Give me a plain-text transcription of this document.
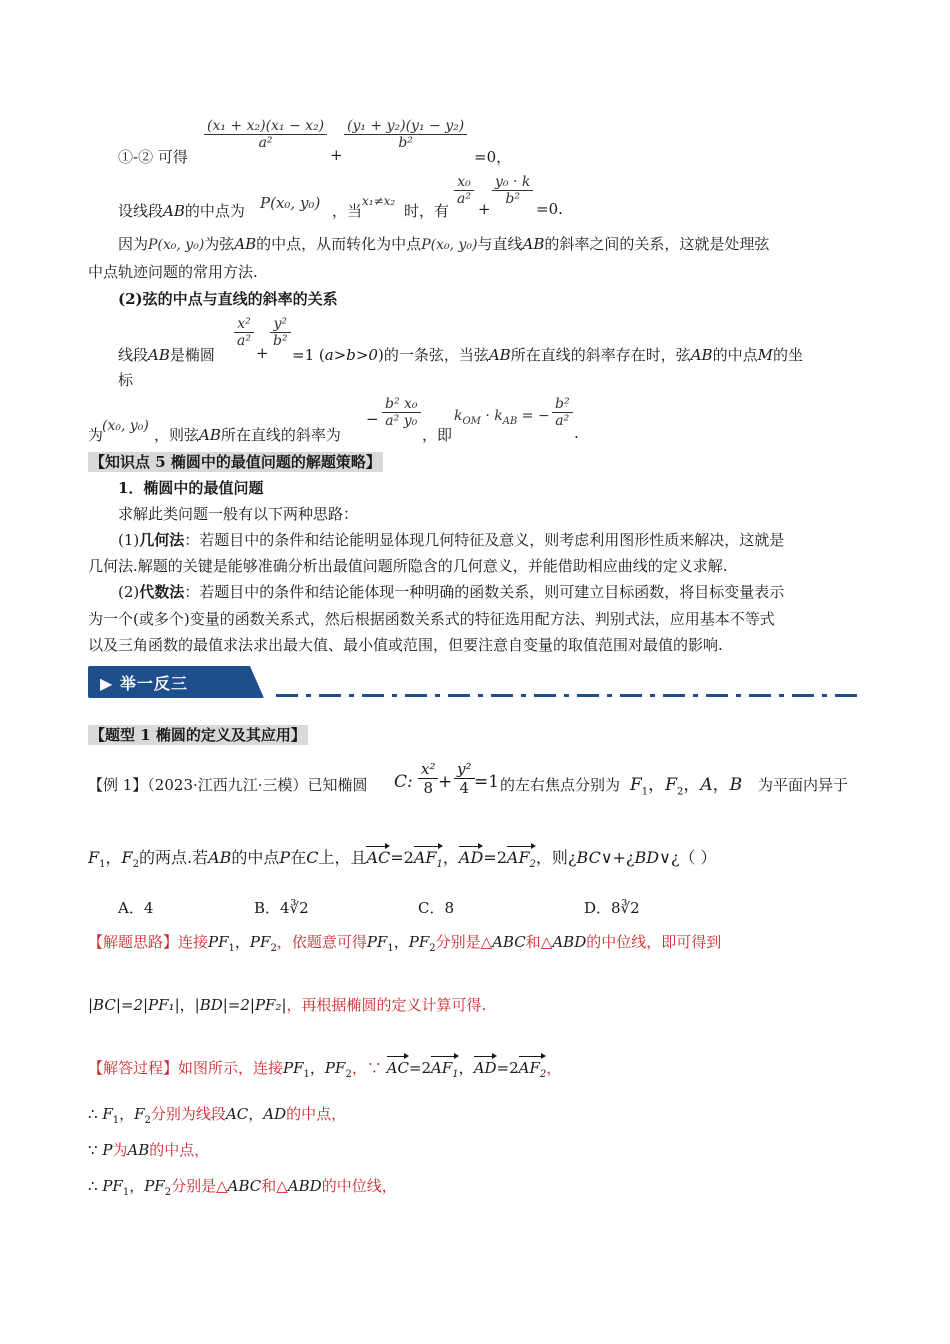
①-② 可得
$\frac{\text{(x₁ + x₂)(x₁ − x₂)}}{\text{a²}}$
+
$\frac{\text{(y₁ + y₂)(y₁ − y₂)}}{\text{b²}}$
=0，
设线段AB的中点为 P(x₀, y₀) ，当
x₁≠x₂
时，有
$\frac{\text{x₀}}{\text{a²}}$
+
$\frac{\text{y₀ · k}}{\text{b²}}$
=0.
因为P(x₀, y₀)为弦AB的中点，从而转化为中点P(x₀, y₀)与直线AB的斜率之间的关系，这就是处理弦
中点轨迹问题的常用方法.
(2)弦的中点与直线的斜率的关系
线段AB是椭圆
$\frac{\text{x²}}{\text{a²}}$
+
$\frac{\text{y²}}{\text{b²}}$
=1 (a>b>0)的一条弦，当弦AB所在直线的斜率存在时，弦AB的中点M的坐
标
为
(x₀, y₀) ，则弦AB所在直线的斜率为
− $\frac{\text{b² x₀}}{\text{a² y₀}}$
，即
$k_{OM} \cdot k_{AB}$ = − $\frac{\text{b²}}{\text{a²}}$
.
【知识点 5 椭圆中的最值问题的解题策略】
1．椭圆中的最值问题
求解此类问题一般有以下两种思路：
(1)几何法：若题目中的条件和结论能明显体现几何特征及意义，则考虑利用图形性质来解决，这就是
几何法.解题的关键是能够准确分析出最值问题所隐含的几何意义，并能借助相应曲线的定义求解.
(2)代数法：若题目中的条件和结论能体现一种明确的函数关系，则可建立目标函数，将目标变量表示
为一个(或多个)变量的函数关系式，然后根据函数关系式的特征选用配方法、判别式法，应用基本不等式
以及三角函数的最值求法求出最大值、最小值或范围，但要注意自变量的取值范围对最值的影响.
▶ 举一反三
【题型 1 椭圆的定义及其应用】
【例 1】（2023·江西九江·三模）已知椭圆 C: $\frac{\text{x²}}{8} + \frac{\text{y²}}{4} =1$ 的左右焦点分别为 $F_1$，$F_2$，A，B 为平面内异于
$F_1$，$F_2$的两点.若AB的中点P在C上，且$AC=2AF_1$，$AD=2AF_2$，则¿BC∨+¿BD∨¿（ ）
A．4	B．4∛2	C．8	D．8∛2
【解题思路】连接$PF_1$，$PF_2$，依题意可得$PF_1$，$PF_2$分别是△ABC和△ABD的中位线，即可得到
|BC|=2|PF₁|，|BD|=2|PF₂|，再根据椭圆的定义计算可得.
【解答过程】如图所示，连接$PF_1$，$PF_2$，∵ $AC=2AF_1$，$AD=2AF_2$，
∴ $F_1$，$F_2$分别为线段AC，AD的中点，
∵ P为AB的中点，
∴ $PF_1$，$PF_2$分别是△ABC和△ABD的中位线，
